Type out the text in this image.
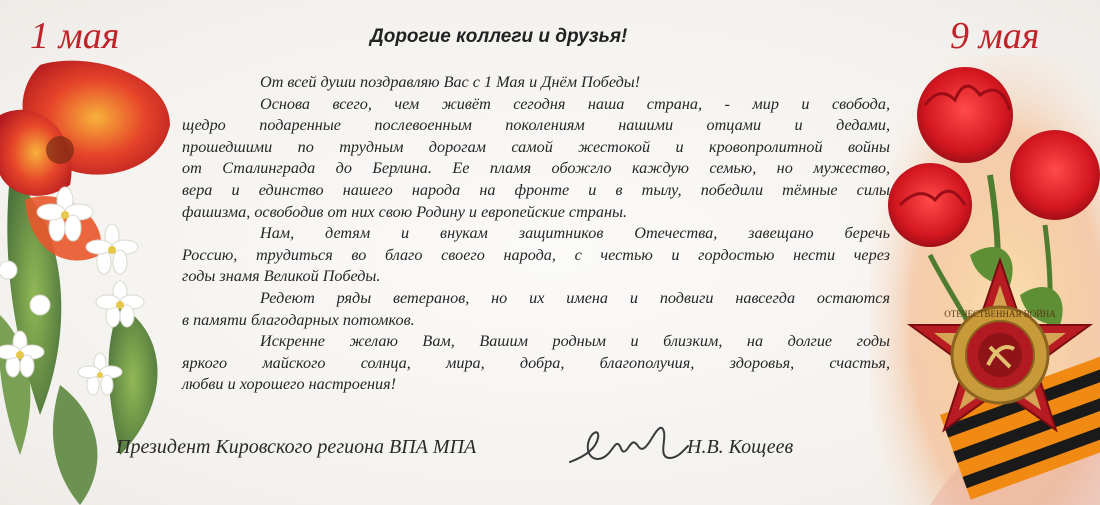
ОТЕЧЕСТВЕННАЯ ВОЙНА
1 мая	9 мая
Дорогие коллеги и друзья!
От всей души поздравляю Вас с 1 Мая и Днём Победы!
Основа всего, чем живёт сегодня наша страна, - мир и свобода,
щедро подаренные послевоенным поколениям нашими отцами и дедами,
прошедшими по трудным дорогам самой жестокой и кровопролитной войны
от Сталинграда до Берлина. Ее пламя обожгло каждую семью, но мужество,
вера и единство нашего народа на фронте и в тылу, победили тёмные силы
фашизма, освободив от них свою Родину и европейские страны.
Нам, детям и внукам защитников Отечества, завещано беречь
Россию, трудиться во благо своего народа, с честью и гордостью нести через
годы знамя Великой Победы.
Редеют ряды ветеранов, но их имена и подвиги навсегда остаются
в памяти благодарных потомков.
Искренне желаю Вам, Вашим родным и близким, на долгие годы
яркого майского солнца, мира, добра, благополучия, здоровья, счастья,
любви и хорошего настроения!
Президент Кировского региона ВПА МПА	Н.В. Кощеев
